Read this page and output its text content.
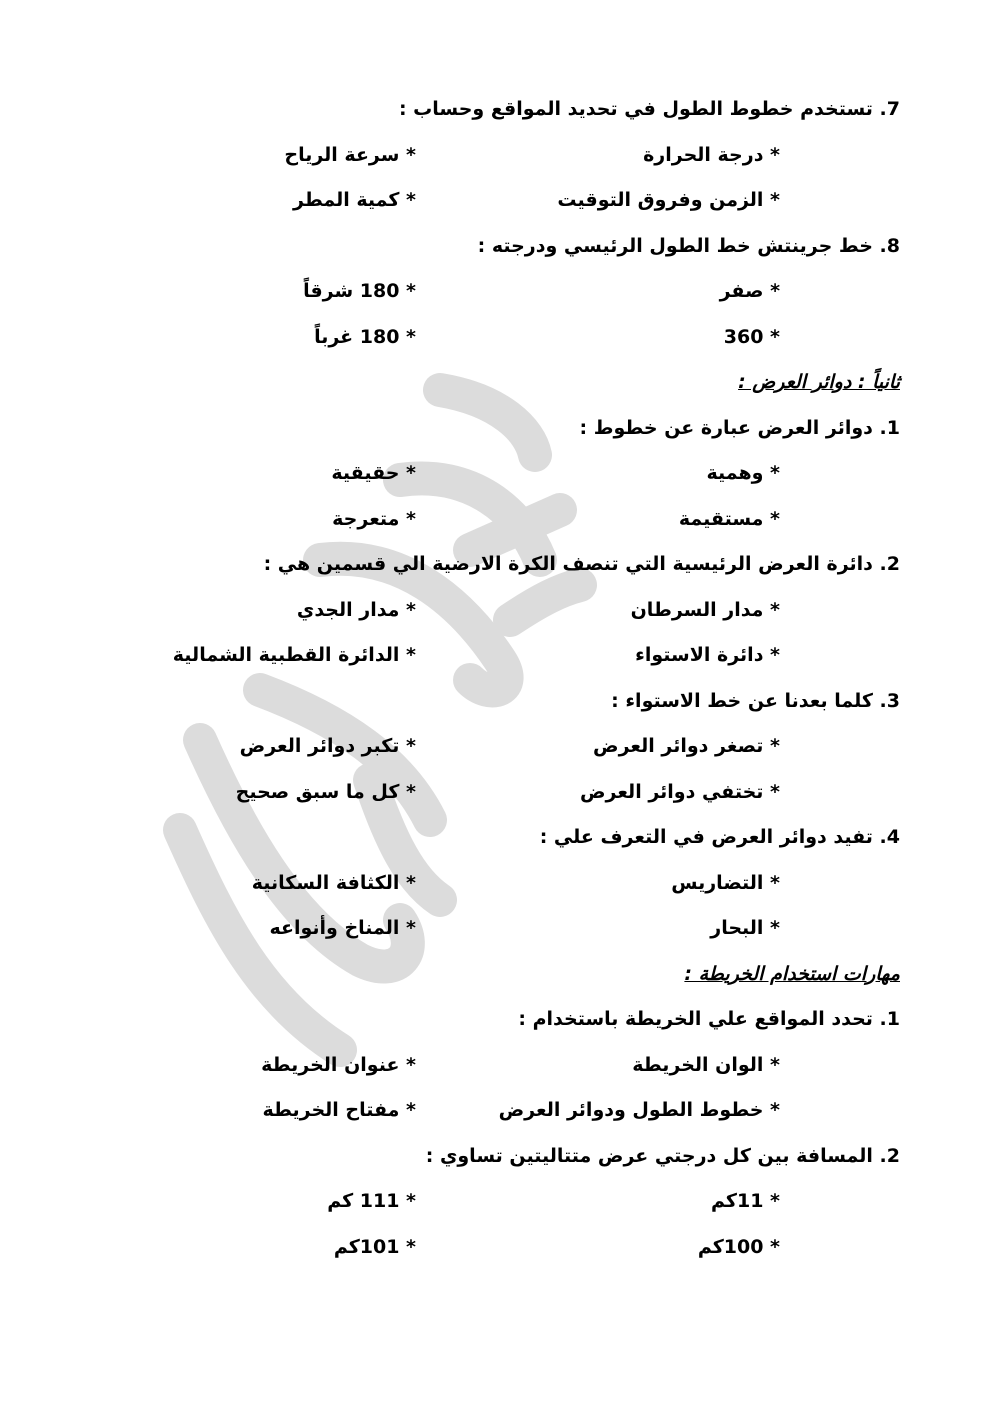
7. تستخدم خطوط الطول في تحديد المواقع وحساب :
* درجة الحرارة
* سرعة الرياح
* الزمن وفروق التوقيت
* كمية المطر
8. خط جرينتش خط الطول الرئيسي ودرجته :
* صفر
* 180 شرقاً
* 360
* 180 غرباً
ثانياً : دوائر العرض :
1. دوائر العرض عبارة عن خطوط :
* وهمية
* حقيقية
* مستقيمة
* متعرجة
2. دائرة العرض الرئيسية التي تنصف الكرة الارضية الي قسمين هي :
* مدار السرطان
* مدار الجدي
* دائرة الاستواء
* الدائرة القطبية الشمالية
3. كلما بعدنا عن خط الاستواء :
* تصغر دوائر العرض
* تكبر دوائر العرض
* تختفي دوائر العرض
* كل ما سبق صحيح
4. تفيد دوائر العرض في التعرف علي :
* التضاريس
* الكثافة السكانية
* البحار
* المناخ وأنواعه
مهارات استخدام الخريطة :
1. تحدد المواقع علي الخريطة باستخدام :
* الوان الخريطة
* عنوان الخريطة
* خطوط الطول ودوائر العرض
* مفتاح الخريطة
2. المسافة بين كل درجتي عرض متتاليتين تساوي :
* 11كم
* 111 كم
* 100كم
* 101كم
